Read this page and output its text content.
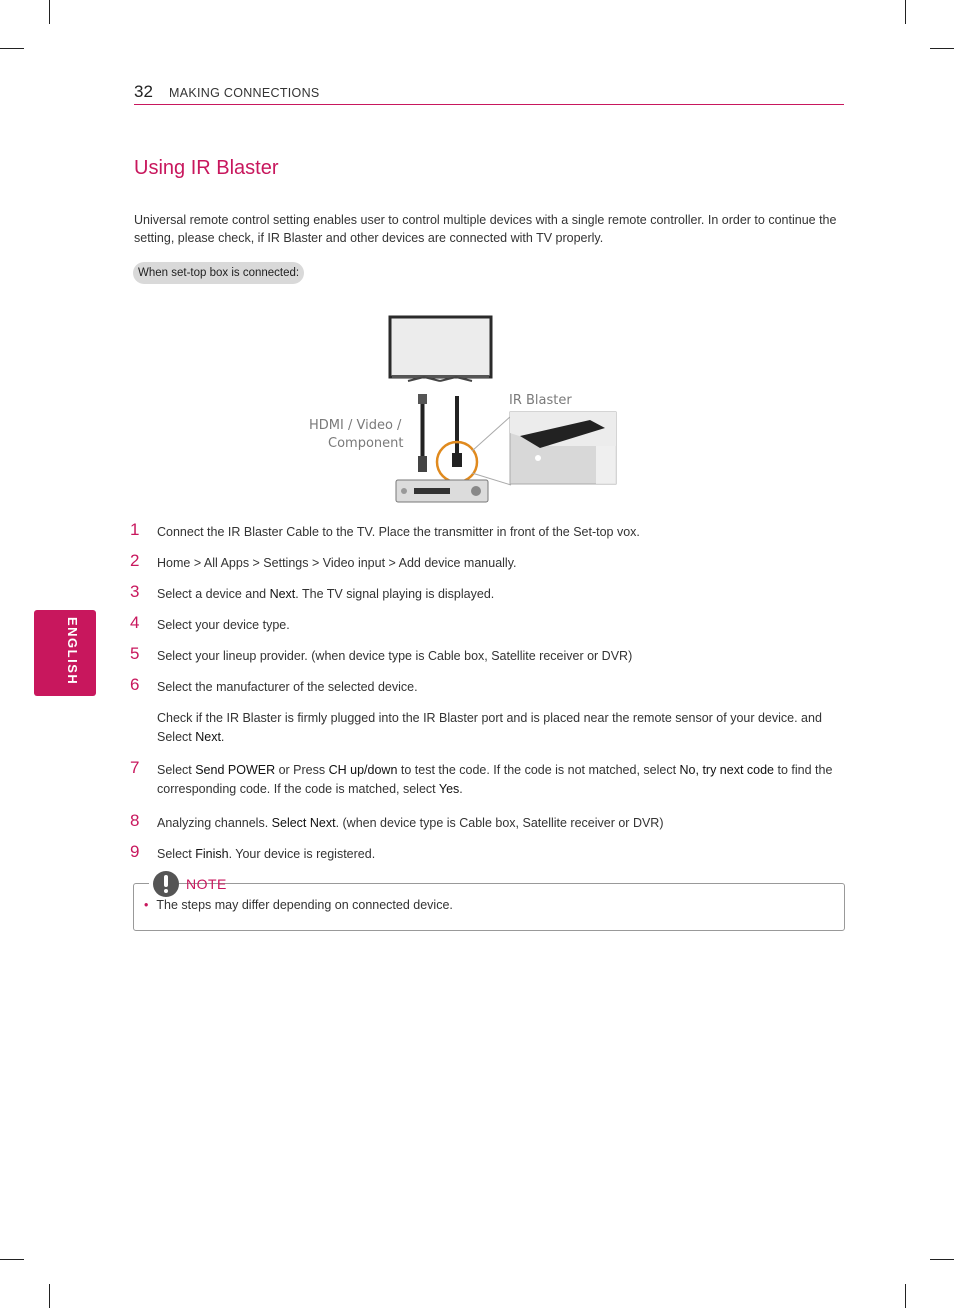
32 MAKING CONNECTIONS
Using IR Blaster

Universal remote control setting enables user to control multiple devices with a single remote controller. In order to continue the setting, please check, if IR Blaster and other devices are connected with TV properly.

When set-top box is connected:
HDMI / Video /
Component
IR Blaster
1	Connect the IR Blaster Cable to the TV. Place the transmitter in front of the Set-top vox.
2	Home > All Apps > Settings > Video input > Add device manually.
3	Select a device and Next. The TV signal playing is displayed.
4	Select your device type.
5	Select your lineup provider. (when device type is Cable box, Satellite receiver or DVR)
6	Select the manufacturer of the selected device.
Check if the IR Blaster is firmly plugged into the IR Blaster port and is placed near the remote sensor of your device. and Select Next.
7	Select Send POWER or Press CH up/down to test the code. If the code is not matched, select No, try next code to find the corresponding code. If the code is matched, select Yes.
8	Analyzing channels. Select Next. (when device type is Cable box, Satellite receiver or DVR)
9	Select Finish. Your device is registered.
ENGLISH
NOTE
• The steps may differ depending on connected device.
